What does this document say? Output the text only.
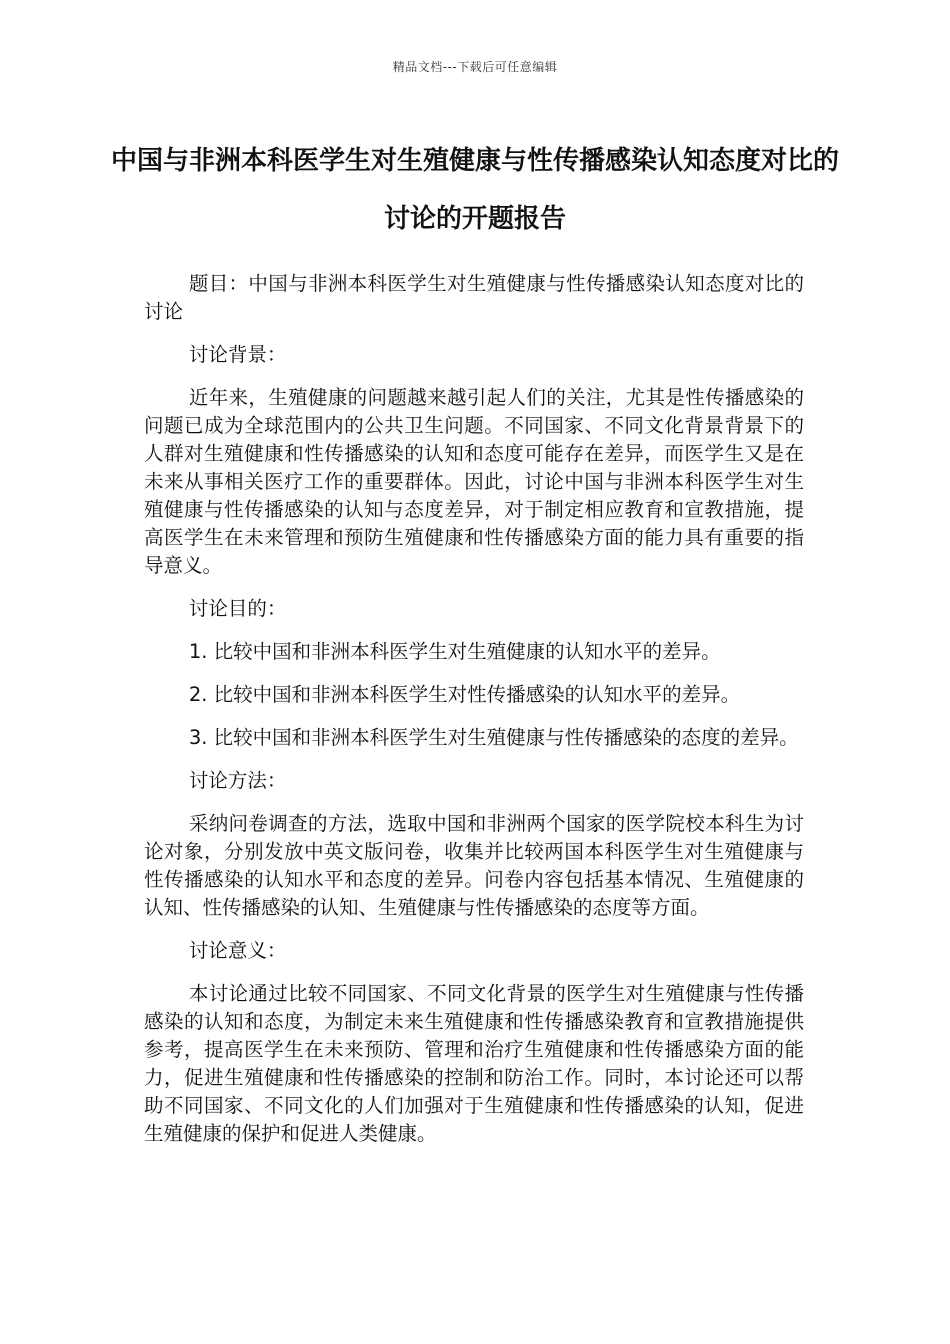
精品文档---下载后可任意编辑
中国与非洲本科医学生对生殖健康与性传播感染认知态度对比的讨论的开题报告

题目：中国与非洲本科医学生对生殖健康与性传播感染认知态度对比的讨论

讨论背景：

近年来，生殖健康的问题越来越引起人们的关注，尤其是性传播感染的问题已成为全球范围内的公共卫生问题。不同国家、不同文化背景背景下的人群对生殖健康和性传播感染的认知和态度可能存在差异，而医学生又是在未来从事相关医疗工作的重要群体。因此，讨论中国与非洲本科医学生对生殖健康与性传播感染的认知与态度差异，对于制定相应教育和宣教措施，提高医学生在未来管理和预防生殖健康和性传播感染方面的能力具有重要的指导意义。

讨论目的：

1. 比较中国和非洲本科医学生对生殖健康的认知水平的差异。

2. 比较中国和非洲本科医学生对性传播感染的认知水平的差异。

3. 比较中国和非洲本科医学生对生殖健康与性传播感染的态度的差异。

讨论方法：

采纳问卷调查的方法，选取中国和非洲两个国家的医学院校本科生为讨论对象，分别发放中英文版问卷，收集并比较两国本科医学生对生殖健康与性传播感染的认知水平和态度的差异。问卷内容包括基本情况、生殖健康的认知、性传播感染的认知、生殖健康与性传播感染的态度等方面。

讨论意义：

本讨论通过比较不同国家、不同文化背景的医学生对生殖健康与性传播感染的认知和态度，为制定未来生殖健康和性传播感染教育和宣教措施提供参考，提高医学生在未来预防、管理和治疗生殖健康和性传播感染方面的能力，促进生殖健康和性传播感染的控制和防治工作。同时，本讨论还可以帮助不同国家、不同文化的人们加强对于生殖健康和性传播感染的认知，促进生殖健康的保护和促进人类健康。
